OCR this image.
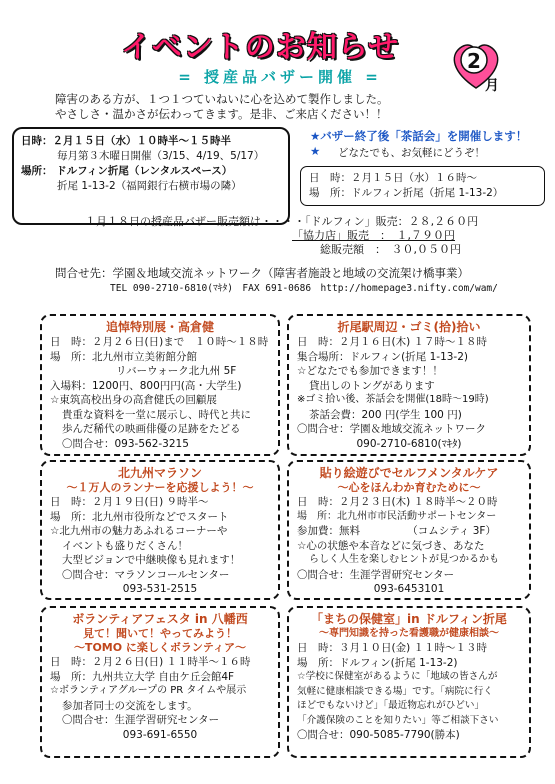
イベントのお知らせ	2
月
= 授産品バザー開催 =
障害のある方が、１つ１つていねいに心を込めて製作しました。
やさしさ・温かさが伝わってきます。是非、ご来店ください！！
日時：２月１５日（水）１０時半～１５時半
毎月第３木曜日開催（3/15、4/19、5/17）
場所： ドルフィン折尾（レンタルスペース）
折尾 1-13-2（福岡銀行右横市場の隣）
★バザー終了後「茶話会」を開催します！★	どなたでも、お気軽にどうぞ！
日　時：２月１５日（水）１６時～
場　所：ドルフィン折尾（折尾 1-13-2）
１月１８日の授産品バザー販売額は・・・・「ドルフィン」販売：２８,２６０円
「協力店」販売　：　１,７９０円
総販売額　：　３０,０５０円
問合せ先：学園＆地域交流ネットワーク（障害者施設と地域の交流架け橋事業）
TEL 090-2710-6810(ﾏｷﾀ)　FAX 691-0686　http://homepage3.nifty.com/wam/
追悼特別展・高倉健
日　時：２月２６日(日)まで　１０時～１８時
場　所：北九州市立美術館分館
リバーウォーク北九州 5F
入場料：1200円、800円円(高・大学生)
☆東筑高校出身の高倉健氏の回顧展
貴重な資料を一堂に展示し、時代と共に
歩んだ稀代の映画俳優の足跡をたどる
〇問合せ：093-562-3215
折尾駅周辺・ゴミ(拾)拾い
日　時：２月１６日(木) １７時～１８時
集合場所：ドルフィン(折尾 1-13-2)
☆どなたでも参加できます！！
貸出しのトングがあります
※ゴミ拾い後、茶話会を開催(18時～19時)
茶話会費：200 円(学生 100 円)
〇問合せ：学園＆地域交流ネットワーク
090-2710-6810(ﾏｷﾀ)
北九州マラソン
～１万人のランナーを応援しよう！～
日　時：２月１９日(日) ９時半～
場　所：北九州市役所などでスタート
☆北九州市の魅力あふれるコーナーや
イベントも盛りだくさん！
大型ビジョンで中継映像も見れます！
〇問合せ：マラソンコールセンター
093-531-2515
貼り絵遊びでセルフメンタルケア
～心をほんわか育むために～
日　時：２月２３日(木) １８時半～２０時
場　所：北九州市市民活動サポートセンター
参加費：無料　　　　　（コムシティ 3F）
☆心の状態や本音などに気づき、あなた
らしく人生を楽しむヒントが見つかるかも
〇問合せ：生涯学習研究センター
093-6453101
ボランティアフェスタ in 八幡西
見て！聞いて！やってみよう！
～TOMO に楽しくボランティア～
日　時：２月２６日(日) １１時半～１６時
場　所：九州共立大学 自由ケ丘会館4F
☆ボランティアグループの PR タイムや展示
参加者同士の交流をします。
〇問合せ：生涯学習研究センター
093-691-6550
「まちの保健室」in ドルフィン折尾
～専門知識を持った看護職が健康相談～
日　時：３月１０日(金) １１時～１３時
場　所：ドルフィン(折尾 1-13-2)
☆学校に保健室があるように「地域の皆さんが
気軽に健康相談できる場」です。「病院に行く
ほどでもないけど」「最近物忘れがひどい」
「介護保険のことを知りたい」等ご相談下さい
〇問合せ：090-5085-7790(勝本)
